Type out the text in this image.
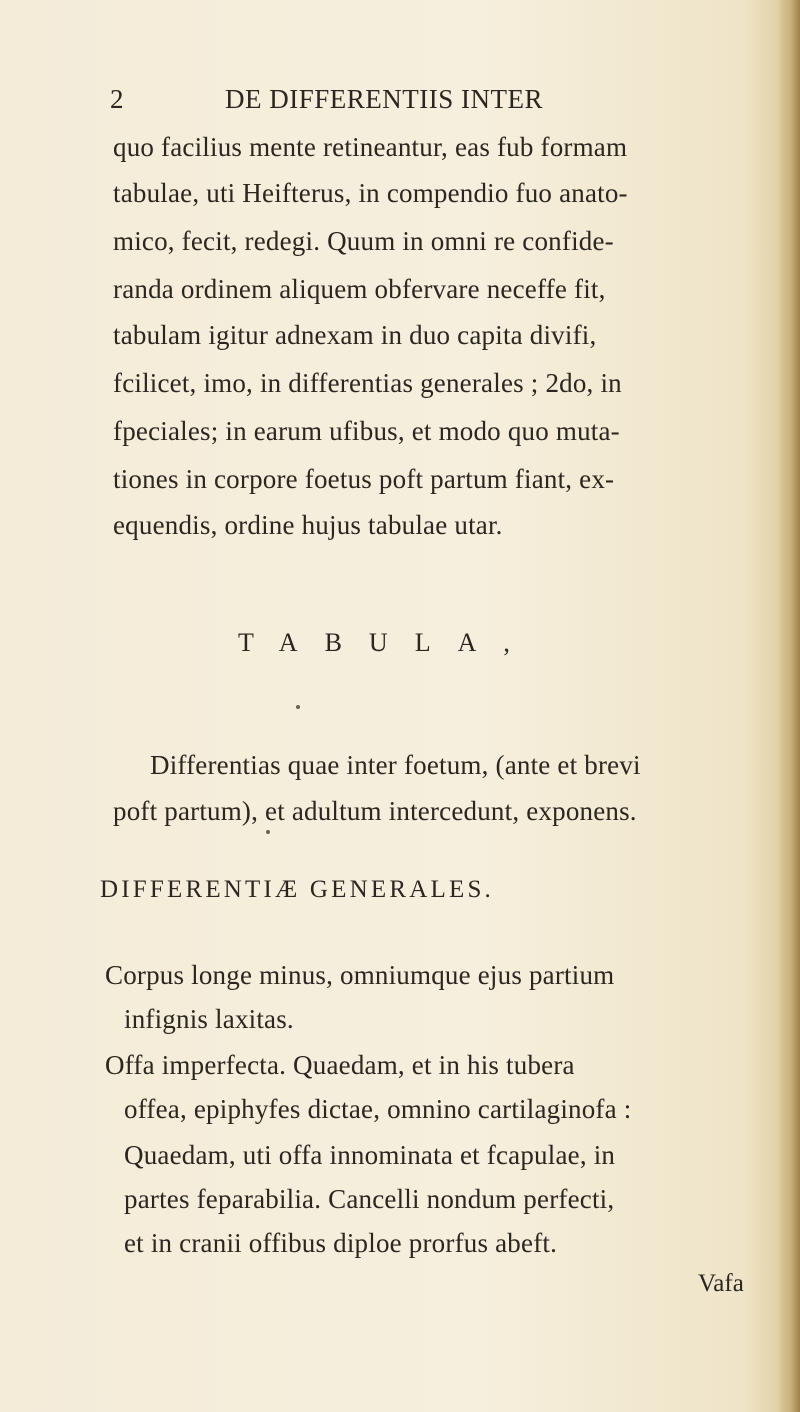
2	DE DIFFERENTIIS INTER
quo facilius mente retineantur, eas fub formam
tabulae, uti Heifterus, in compendio fuo anato-
mico, fecit, redegi. Quum in omni re confide-
randa ordinem aliquem obfervare neceffe fit,
tabulam igitur adnexam in duo capita divifi,
fcilicet, imo, in differentias generales ; 2do, in
fpeciales; in earum ufibus, et modo quo muta-
tiones in corpore foetus poft partum fiant, ex-
equendis, ordine hujus tabulae utar.
TABULA,
Differentias quae inter foetum, (ante et brevi
poft partum), et adultum intercedunt, exponens.
DIFFERENTIÆ GENERALES.
Corpus longe minus, omniumque ejus partium
infignis laxitas.
Offa imperfecta. Quaedam, et in his tubera
offea, epiphyfes dictae, omnino cartilaginofa :
Quaedam, uti offa innominata et fcapulae, in
partes feparabilia. Cancelli nondum perfecti,
et in cranii offibus diploe prorfus abeft.
Vafa
